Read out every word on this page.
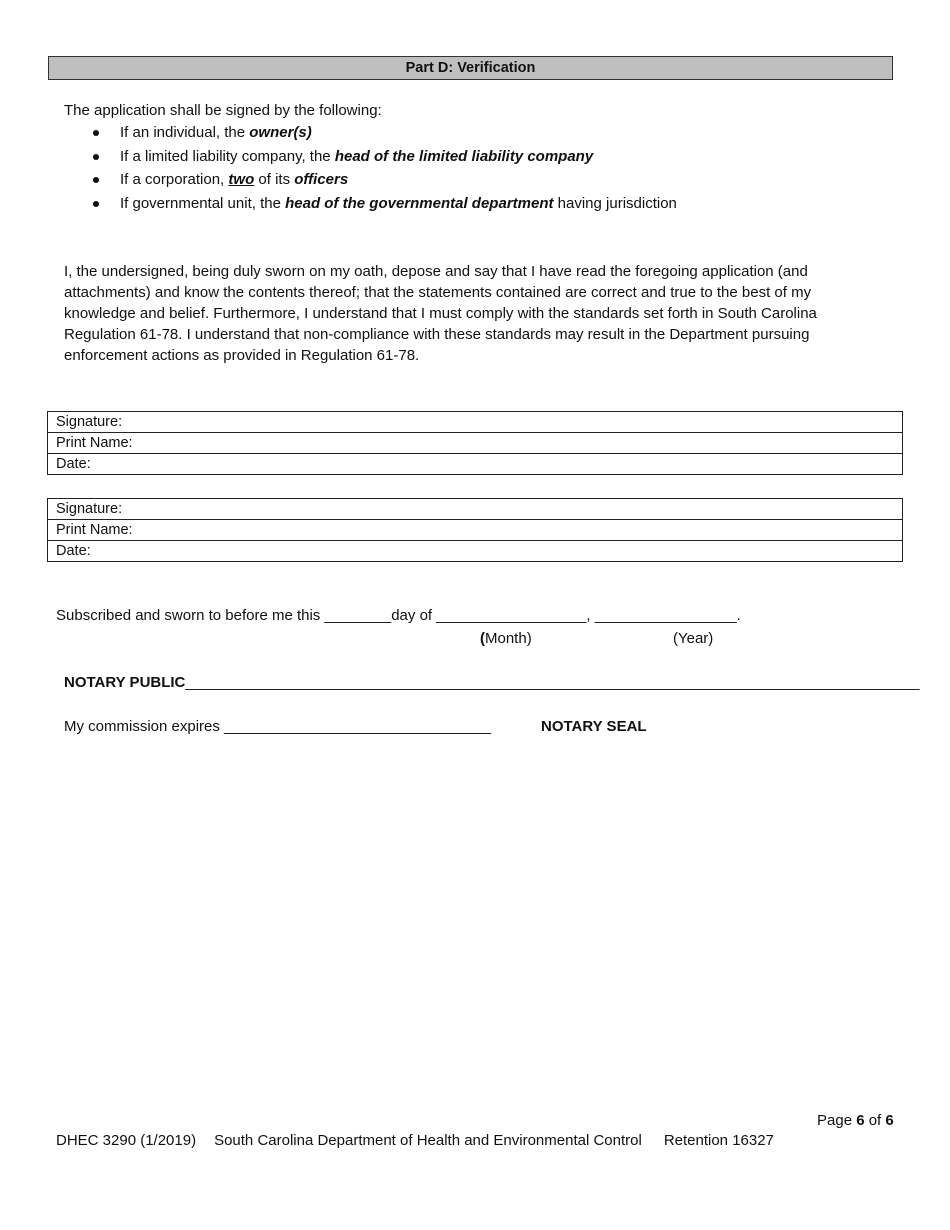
Part D: Verification
The application shall be signed by the following:
If an individual, the owner(s)
If a limited liability company, the head of the limited liability company
If a corporation, two of its officers
If governmental unit, the head of the governmental department having jurisdiction
I, the undersigned, being duly sworn on my oath, depose and say that I have read the foregoing application (and attachments) and know the contents thereof; that the statements contained are correct and true to the best of my knowledge and belief. Furthermore, I understand that I must comply with the standards set forth in South Carolina Regulation 61-78. I understand that non-compliance with these standards may result in the Department pursuing enforcement actions as provided in Regulation 61-78.
Signature:
Print Name:
Date:
Signature:
Print Name:
Date:
Subscribed and sworn to before me this ________day of __________________, _________________.
(Month)	(Year)
NOTARY PUBLIC________________________________________________________________________________________
My commission expires ________________________________	NOTARY SEAL
Page 6 of 6
DHEC 3290 (1/2019) South Carolina Department of Health and Environmental Control Retention 16327
